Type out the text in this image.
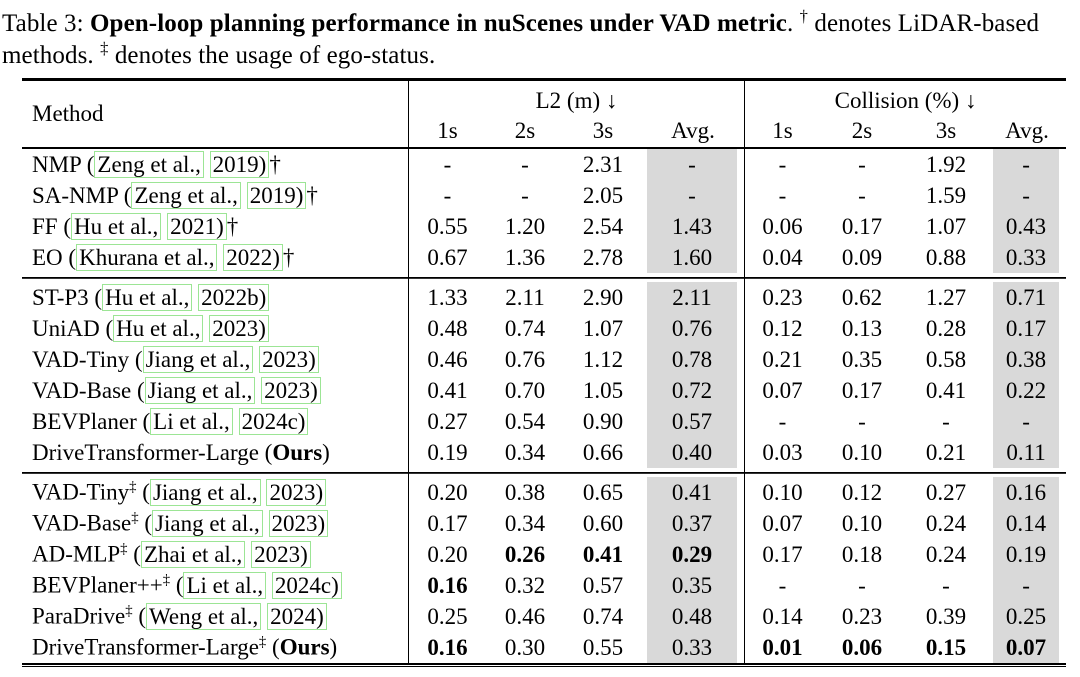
Table 3: Open-loop planning performance in nuScenes under VAD metric. † denotes LiDAR-based methods. ‡ denotes the usage of ego-status.
Method	L2 (m) ↓				Collision (%) ↓			
	1s	2s	3s	Avg.	1s	2s	3s	Avg.
NMP ( Zeng et al., 2019) †	-	-	2.31	-	-	-	1.92	-
SA-NMP ( Zeng et al., 2019) †	-	-	2.05	-	-	-	1.59	-
FF ( Hu et al., 2021) †	0.55	1.20	2.54	1.43	0.06	0.17	1.07	0.43
EO ( Khurana et al., 2022) †	0.67	1.36	2.78	1.60	0.04	0.09	0.88	0.33

ST-P3 ( Hu et al., 2022b)	1.33	2.11	2.90	2.11	0.23	0.62	1.27	0.71
UniAD ( Hu et al., 2023)	0.48	0.74	1.07	0.76	0.12	0.13	0.28	0.17
VAD-Tiny ( Jiang et al., 2023)	0.46	0.76	1.12	0.78	0.21	0.35	0.58	0.38
VAD-Base ( Jiang et al., 2023)	0.41	0.70	1.05	0.72	0.07	0.17	0.41	0.22
BEVPlaner ( Li et al., 2024c)	0.27	0.54	0.90	0.57	-	-	-	-
DriveTransformer-Large (Ours)	0.19	0.34	0.66	0.40	0.03	0.10	0.21	0.11

VAD-Tiny‡ ( Jiang et al., 2023)	0.20	0.38	0.65	0.41	0.10	0.12	0.27	0.16
VAD-Base‡ ( Jiang et al., 2023)	0.17	0.34	0.60	0.37	0.07	0.10	0.24	0.14
AD-MLP‡ ( Zhai et al., 2023)	0.20	0.26	0.41	0.29	0.17	0.18	0.24	0.19
BEVPlaner++‡ ( Li et al., 2024c)	0.16	0.32	0.57	0.35	-	-	-	-
ParaDrive‡ ( Weng et al., 2024)	0.25	0.46	0.74	0.48	0.14	0.23	0.39	0.25
DriveTransformer-Large‡ (Ours)	0.16	0.30	0.55	0.33	0.01	0.06	0.15	0.07
